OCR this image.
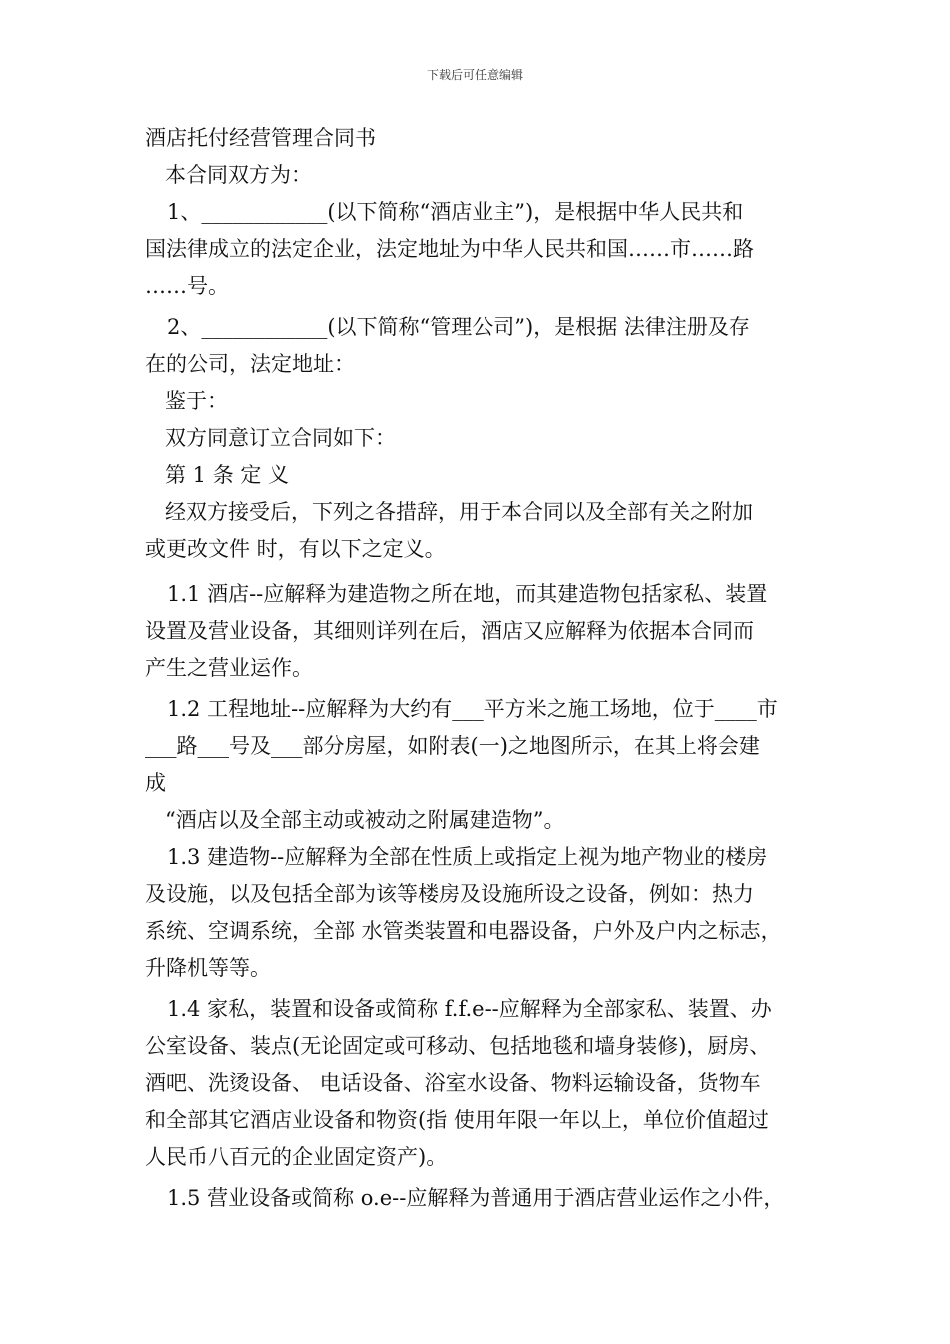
下载后可任意编辑
酒店托付经营管理合同书
本合同双方为：
1、____________(以下简称“酒店业主”)，是根据中华人民共和
国法律成立的法定企业，法定地址为中华人民共和国……市……路
……号。
2、____________(以下简称“管理公司”)，是根据 法律注册及存
在的公司，法定地址：
鉴于：
双方同意订立合同如下：
第 1 条 定 义
经双方接受后，下列之各措辞，用于本合同以及全部有关之附加
或更改文件 时，有以下之定义。
1.1 酒店--应解释为建造物之所在地，而其建造物包括家私、装置
设置及营业设备，其细则详列在后，酒店又应解释为依据本合同而
产生之营业运作。
1.2 工程地址--应解释为大约有___平方米之施工场地，位于____市
___路___号及___部分房屋，如附表(一)之地图所示，在其上将会建
成
“酒店以及全部主动或被动之附属建造物”。
1.3 建造物--应解释为全部在性质上或指定上视为地产物业的楼房
及设施，以及包括全部为该等楼房及设施所设之设备，例如：热力
系统、空调系统，全部 水管类装置和电器设备，户外及户内之标志，
升降机等等。
1.4 家私，装置和设备或简称 f.f.e--应解释为全部家私、装置、办
公室设备、装点(无论固定或可移动、包括地毯和墙身装修)，厨房、
酒吧、洗烫设备、 电话设备、浴室水设备、物料运输设备，货物车
和全部其它酒店业设备和物资(指 使用年限一年以上，单位价值超过
人民币八百元的企业固定资产)。
1.5 营业设备或简称 o.e--应解释为普通用于酒店营业运作之小件，
